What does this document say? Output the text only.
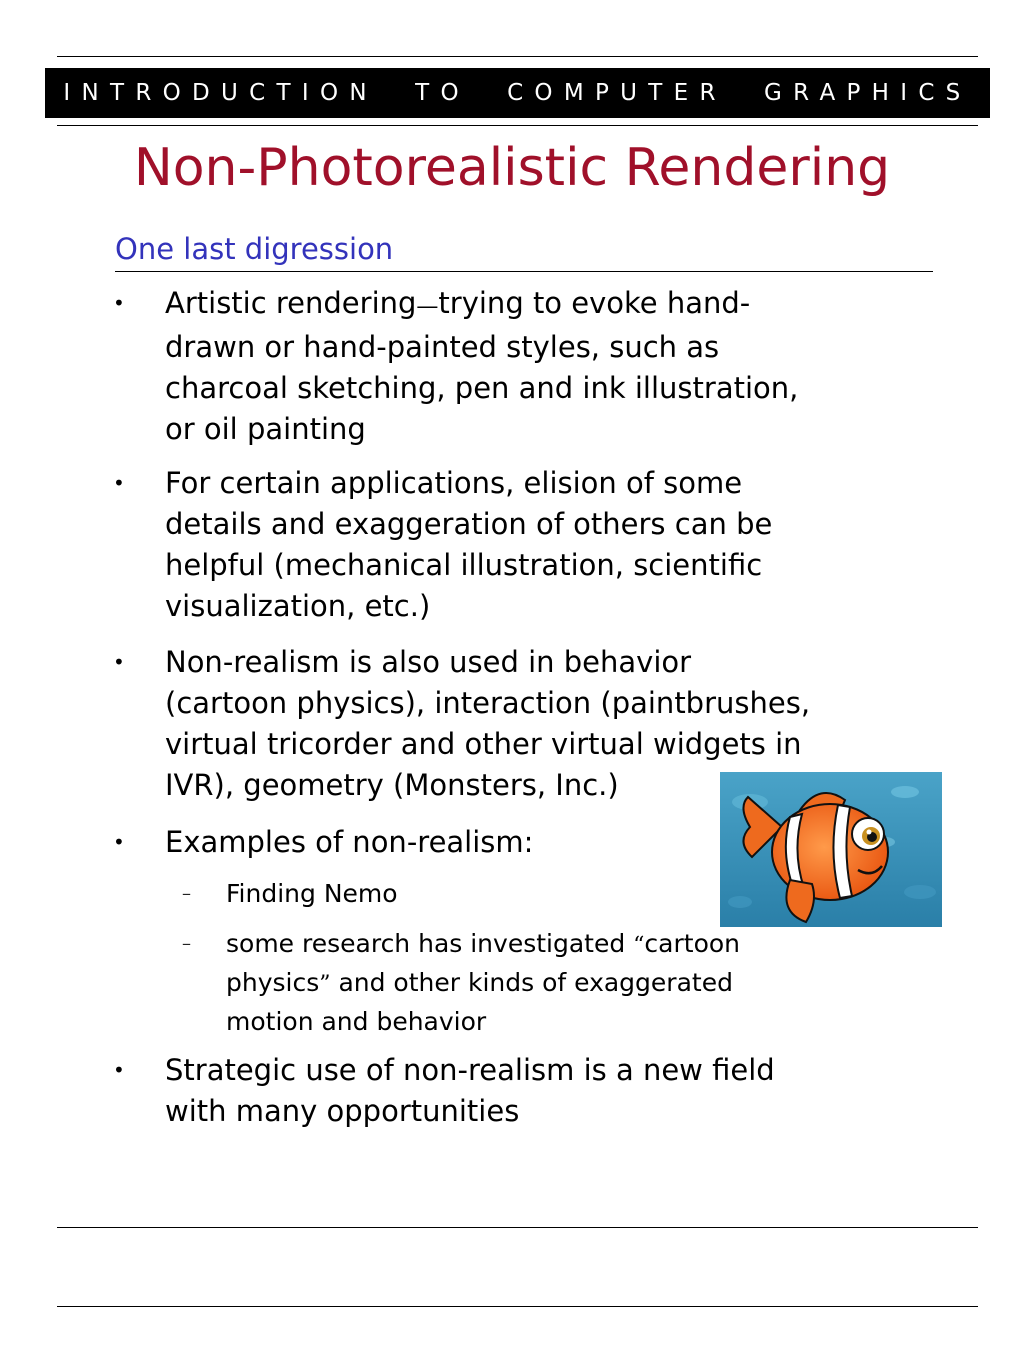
INTRODUCTION  TO  COMPUTER  GRAPHICS
Non-Photorealistic Rendering

One last digression

• Artistic rendering—trying to evoke hand-
drawn or hand-painted styles, such as
charcoal sketching, pen and ink illustration,
or oil painting
• For certain applications, elision of some
details and exaggeration of others can be
helpful (mechanical illustration, scientific
visualization, etc.)
• Non-realism is also used in behavior
(cartoon physics), interaction (paintbrushes,
virtual tricorder and other virtual widgets in
IVR), geometry (Monsters, Inc.)
• Examples of non-realism:
– Finding Nemo
– some research has investigated “cartoon
physics” and other kinds of exaggerated
motion and behavior
• Strategic use of non-realism is a new field
with many opportunities
